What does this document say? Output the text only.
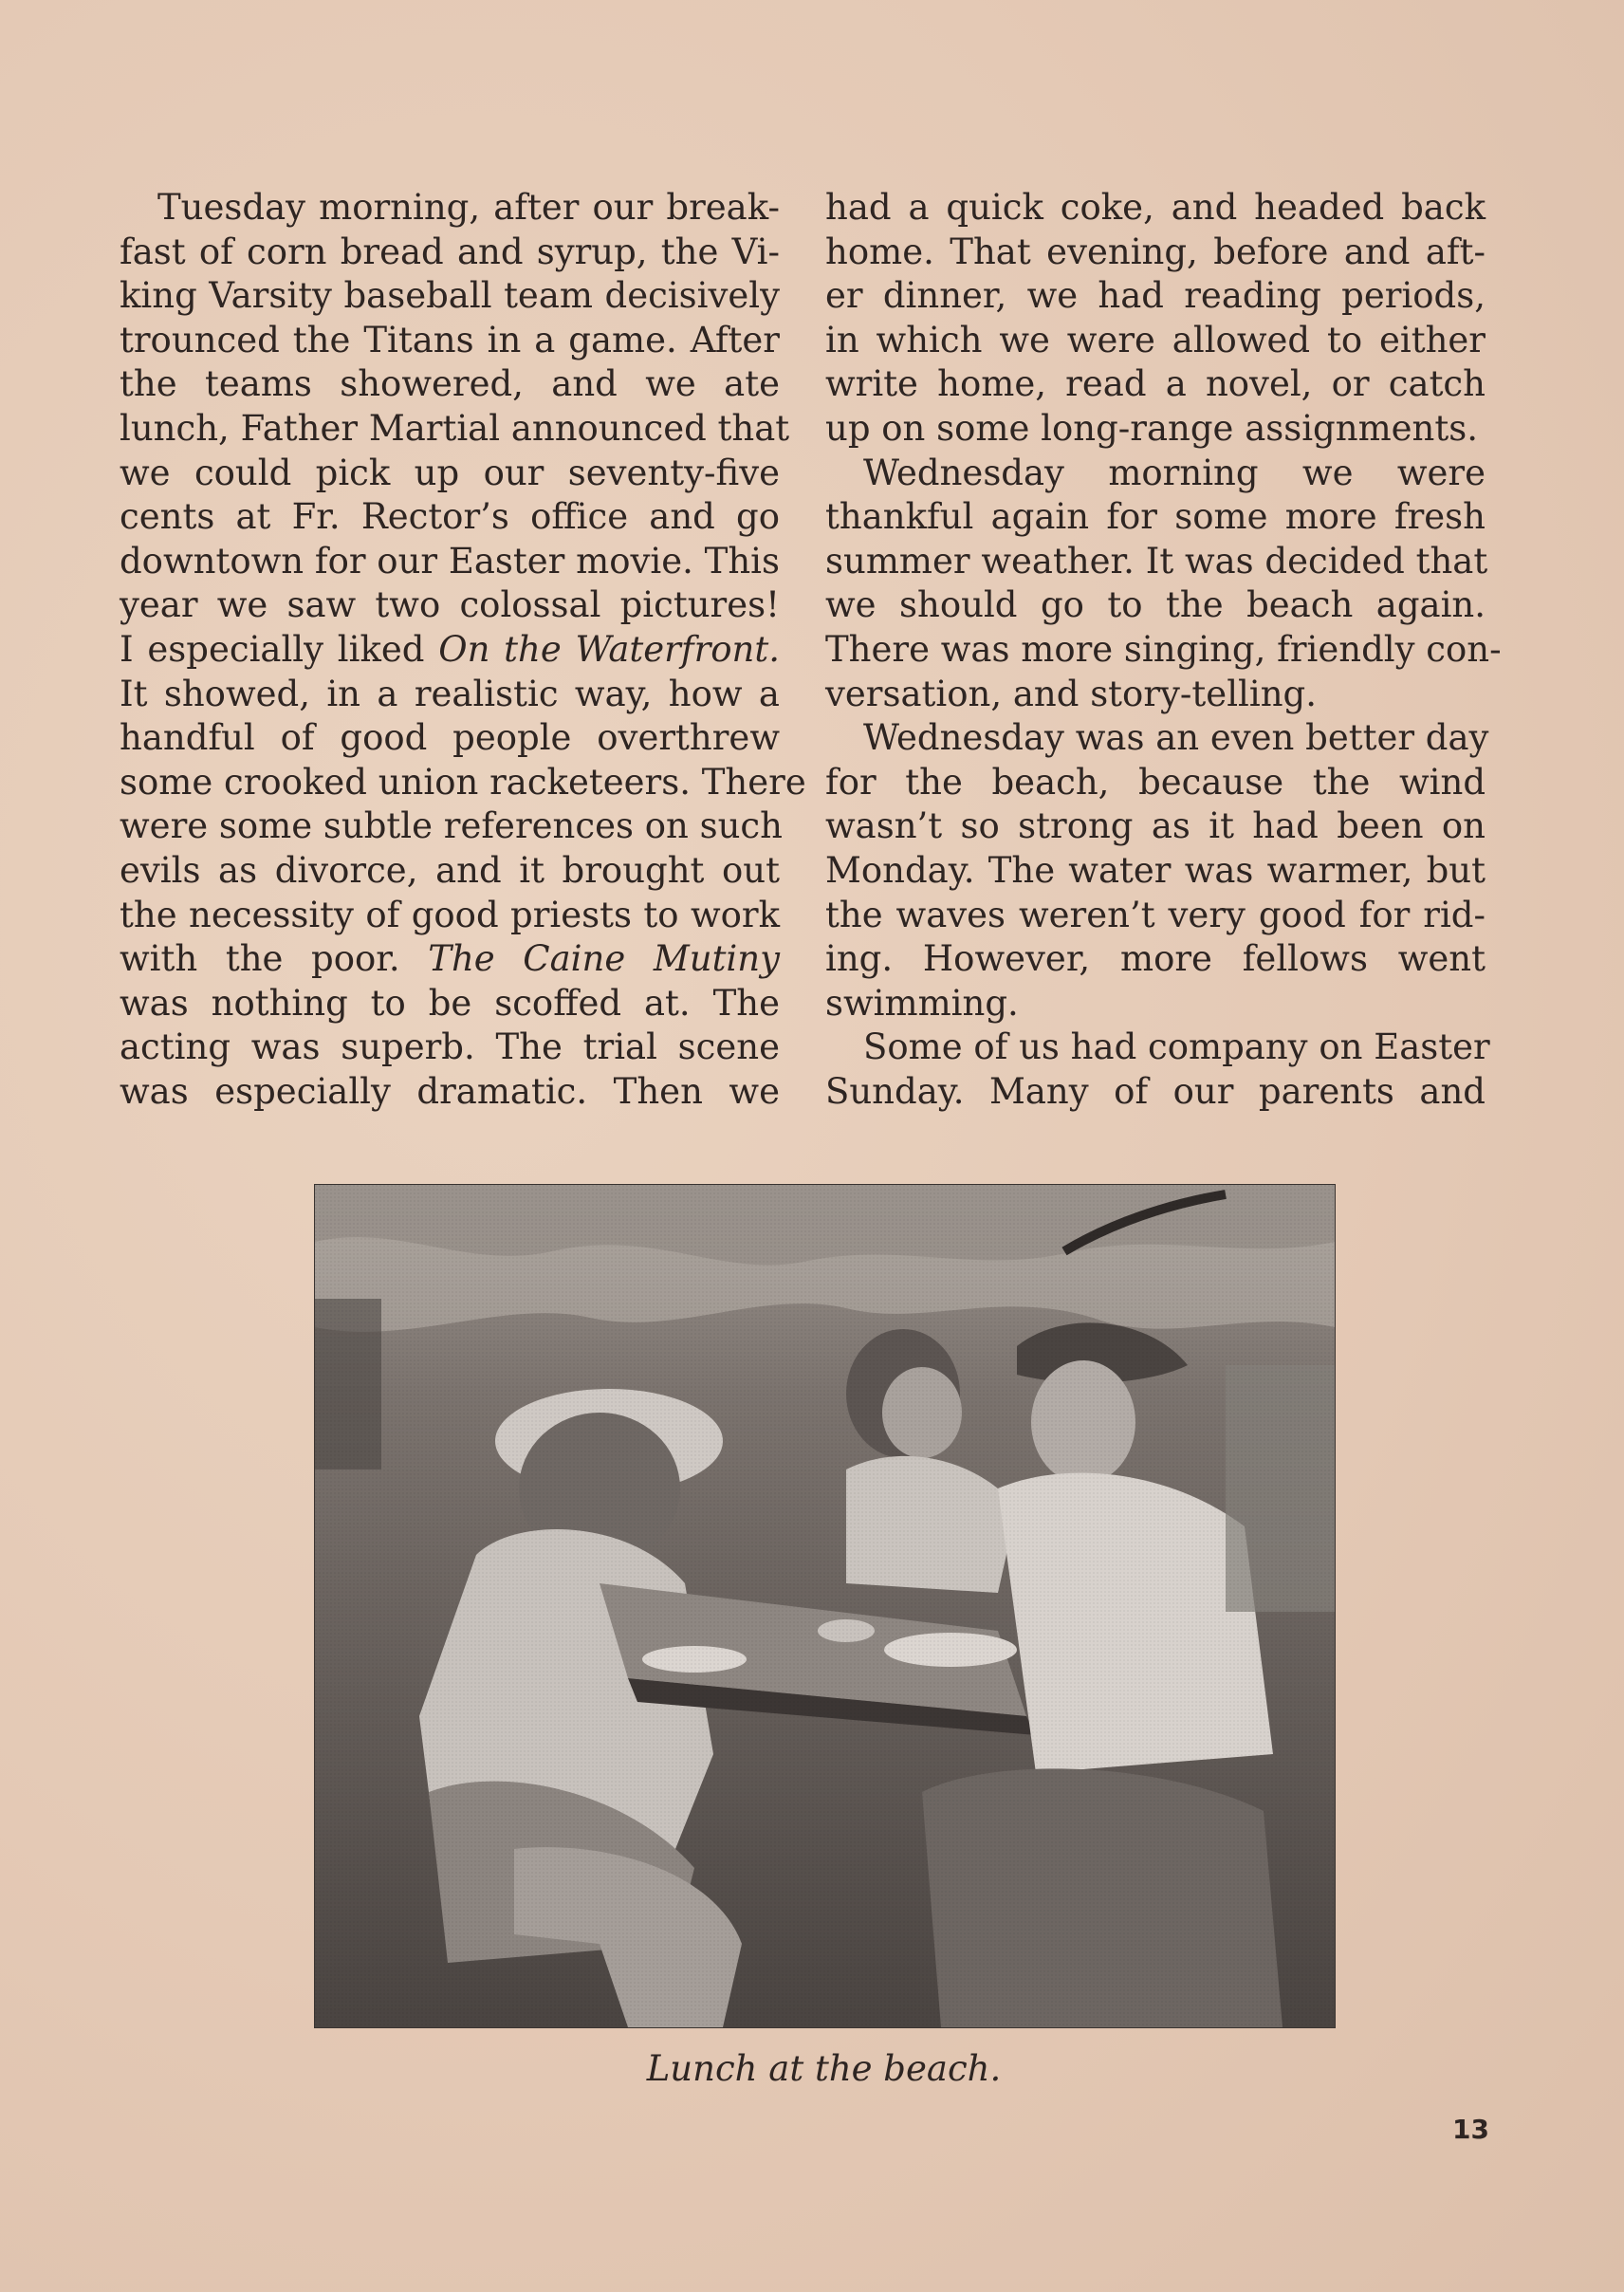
Tuesday morning, after our break-
fast of corn bread and syrup, the Vi-
king Varsity baseball team decisively
trounced the Titans in a game. After
the teams showered, and we ate
lunch, Father Martial announced that
we could pick up our seventy-five
cents at Fr. Rector’s office and go
downtown for our Easter movie. This
year we saw two colossal pictures!
I especially liked On the Waterfront.
It showed, in a realistic way, how a
handful of good people overthrew
some crooked union racketeers. There
were some subtle references on such
evils as divorce, and it brought out
the necessity of good priests to work
with the poor. The Caine Mutiny
was nothing to be scoffed at. The
acting was superb. The trial scene
was especially dramatic. Then we
had a quick coke, and headed back
home. That evening, before and aft-
er dinner, we had reading periods,
in which we were allowed to either
write home, read a novel, or catch
up on some long-range assignments.
Wednesday morning we were
thankful again for some more fresh
summer weather. It was decided that
we should go to the beach again.
There was more singing, friendly con-
versation, and story-telling.
Wednesday was an even better day
for the beach, because the wind
wasn’t so strong as it had been on
Monday. The water was warmer, but
the waves weren’t very good for rid-
ing. However, more fellows went
swimming.
Some of us had company on Easter
Sunday. Many of our parents and
Lunch at the beach.
13
